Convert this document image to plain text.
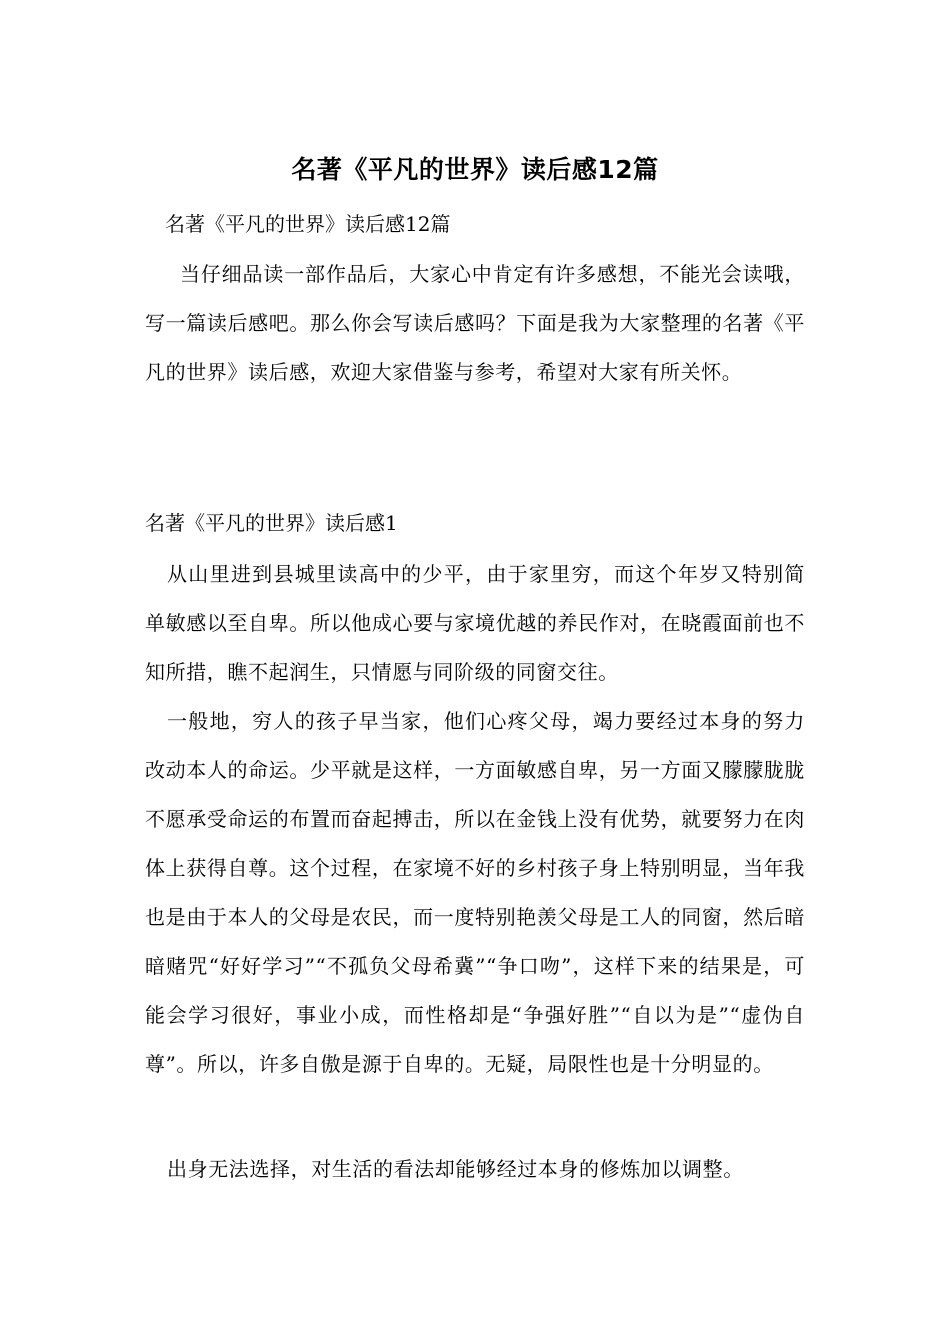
名著《平凡的世界》读后感12篇
名著《平凡的世界》读后感12篇
当仔细品读一部作品后，大家心中肯定有许多感想，不能光会读哦，写一篇读后感吧。那么你会写读后感吗？下面是我为大家整理的名著《平凡的世界》读后感，欢迎大家借鉴与参考，希望对大家有所关怀。
名著《平凡的世界》读后感1
从山里进到县城里读高中的少平，由于家里穷，而这个年岁又特别简单敏感以至自卑。所以他成心要与家境优越的养民作对，在晓霞面前也不知所措，瞧不起润生，只情愿与同阶级的同窗交往。
一般地，穷人的孩子早当家，他们心疼父母，竭力要经过本身的努力改动本人的命运。少平就是这样，一方面敏感自卑，另一方面又朦朦胧胧不愿承受命运的布置而奋起搏击，所以在金钱上没有优势，就要努力在肉体上获得自尊。这个过程，在家境不好的乡村孩子身上特别明显，当年我也是由于本人的父母是农民，而一度特别艳羡父母是工人的同窗，然后暗暗赌咒“好好学习”“不孤负父母希冀”“争口吻”，这样下来的结果是，可能会学习很好，事业小成，而性格却是“争强好胜”“自以为是”“虚伪自尊”。所以，许多自傲是源于自卑的。无疑，局限性也是十分明显的。
出身无法选择，对生活的看法却能够经过本身的修炼加以调整。
